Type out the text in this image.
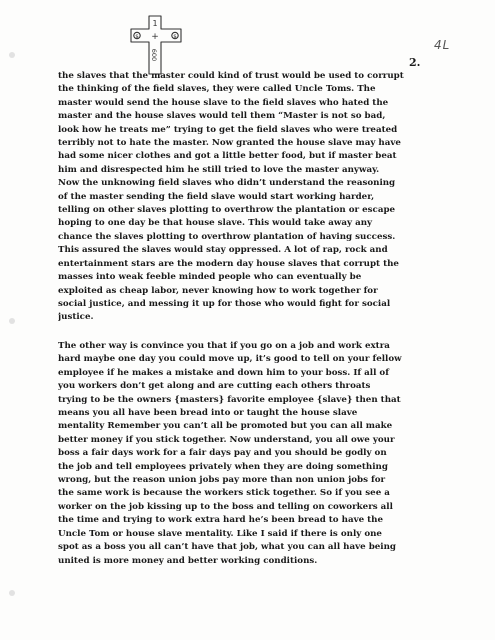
1
+
600
$	$
4L
2.
the slaves that the master could kind of trust would be used to corrupt
the thinking of the field slaves, they were called Uncle Toms. The
master would send the house slave to the field slaves who hated the
master and the house slaves would tell them “Master is not so bad,
look how he treats me” trying to get the field slaves who were treated
terribly not to hate the master. Now granted the house slave may have
had some nicer clothes and got a little better food, but if master beat
him and disrespected him he still tried to love the master anyway.
Now the unknowing field slaves who didn’t understand the reasoning
of the master sending the field slave would start working harder,
telling on other slaves plotting to overthrow the plantation or escape
hoping to one day be that house slave. This would take away any
chance the slaves plotting to overthrow plantation of having success.
This assured the slaves would stay oppressed. A lot of rap, rock and
entertainment stars are the modern day house slaves that corrupt the
masses into weak feeble minded people who can eventually be
exploited as cheap labor, never knowing how to work together for
social justice, and messing it up for those who would fight for social
justice.
The other way is convince you that if you go on a job and work extra
hard maybe one day you could move up, it’s good to tell on your fellow
employee if he makes a mistake and down him to your boss. If all of
you workers don’t get along and are cutting each others throats
trying to be the owners {masters} favorite employee {slave} then that
means you all have been bread into or taught the house slave
mentality Remember you can’t all be promoted but you can all make
better money if you stick together. Now understand, you all owe your
boss a fair days work for a fair days pay and you should be godly on
the job and tell employees privately when they are doing something
wrong, but the reason union jobs pay more than non union jobs for
the same work is because the workers stick together. So if you see a
worker on the job kissing up to the boss and telling on coworkers all
the time and trying to work extra hard he’s been bread to have the
Uncle Tom or house slave mentality. Like I said if there is only one
spot as a boss you all can’t have that job, what you can all have being
united is more money and better working conditions.
